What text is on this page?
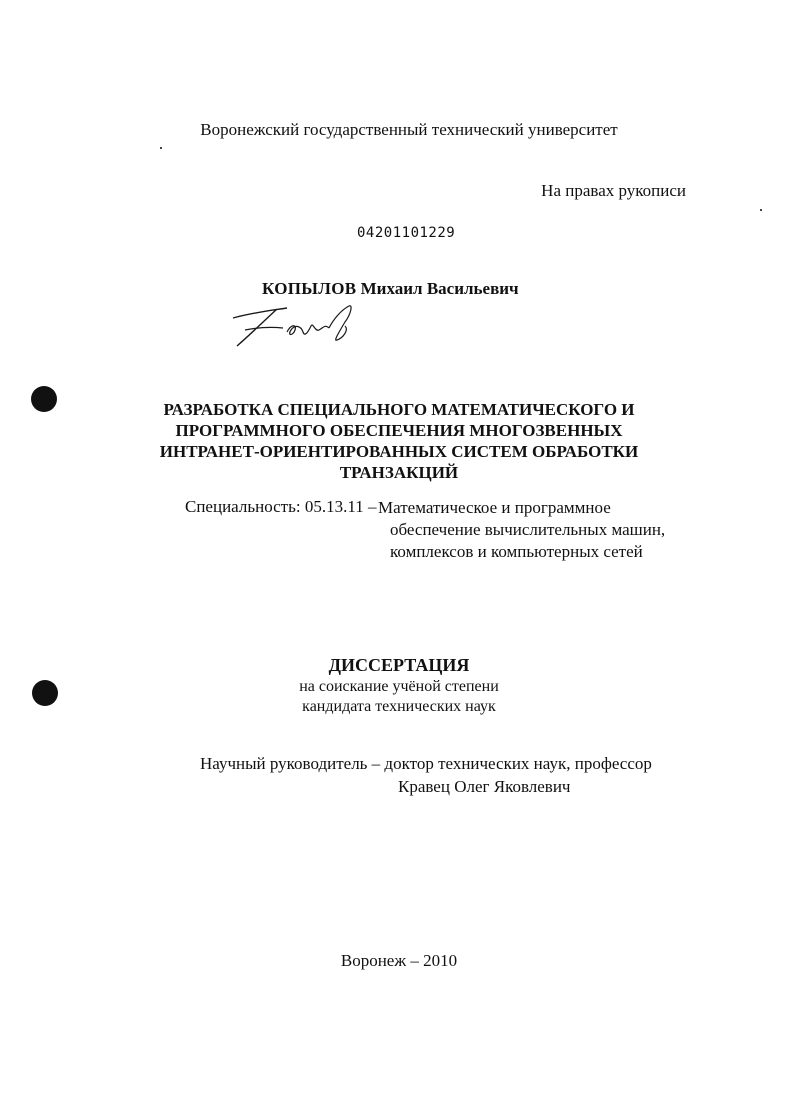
Воронежский государственный технический университет
На правах рукописи
04201101229
КОПЫЛОВ Михаил Васильевич
РАЗРАБОТКА СПЕЦИАЛЬНОГО МАТЕМАТИЧЕСКОГО И
ПРОГРАММНОГО ОБЕСПЕЧЕНИЯ МНОГОЗВЕННЫХ
ИНТРАНЕТ-ОРИЕНТИРОВАННЫХ СИСТЕМ ОБРАБОТКИ
ТРАНЗАКЦИЙ
Специальность: 05.13.11 – Математическое и программное
обеспечение вычислительных машин,
комплексов и компьютерных сетей
ДИССЕРТАЦИЯ
на соискание учёной степени
кандидата технических наук
Научный руководитель – доктор технических наук, профессор
Кравец Олег Яковлевич
Воронеж – 2010
